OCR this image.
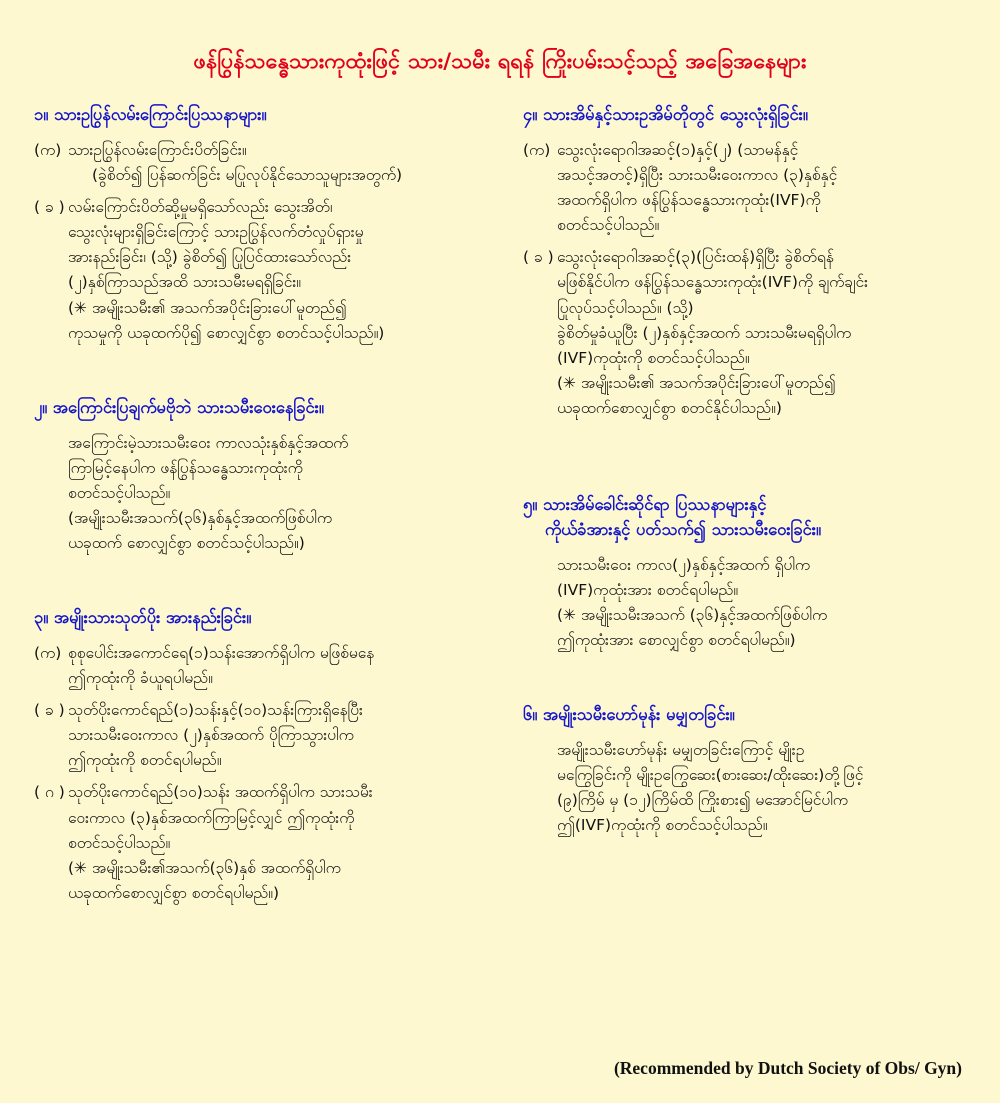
ဖန်ပြွန်သန္ဓေသားကုထုံးဖြင့် သား/သမီး ရရန် ကြိုးပမ်းသင့်သည့် အခြေအနေများ
၁။ သားဥပြွန်လမ်းကြောင်းပြဿနာများ။
(က) သားဥပြွန်လမ်းကြောင်းပိတ်ခြင်း။
(ခွဲစိတ်၍ ပြန်ဆက်ခြင်း မပြုလုပ်နိုင်သောသူများအတွက်)
( ခ ) လမ်းကြောင်းပိတ်ဆို့မှုမရှိသော်လည်း သွေးအိတ်၊
သွေးလုံးများရှိခြင်းကြောင့် သားဥပြွန်လက်တံလှုပ်ရှားမှု
အားနည်းခြင်း၊ (သို့) ခွဲစိတ်၍ ပြုပြင်ထားသော်လည်း
(၂)နှစ်ကြာသည်အထိ သားသမီးမရရှိခြင်း။
(✳ အမျိုးသမီး၏ အသက်အပိုင်းခြားပေါ်မူတည်၍
ကုသမှုကို ယခုထက်ပို၍ စောလျှင်စွာ စတင်သင့်ပါသည်။)
၂။ အကြောင်းပြချက်မဗိုဘဲ သားသမီးဝေးနေခြင်း။
အကြောင်းမဲ့သားသမီးဝေး ကာလသုံးနှစ်နှင့်အထက်
ကြာမြင့်နေပါက ဖန်ပြွန်သန္ဓေသားကုထုံးကို
စတင်သင့်ပါသည်။
(အမျိုးသမီးအသက်(၃၆)နှစ်နှင့်အထက်ဖြစ်ပါက
ယခုထက် စောလျှင်စွာ စတင်သင့်ပါသည်။)
၃။ အမျိုးသားသုတ်ပိုး အားနည်းခြင်း။
(က) စုစုပေါင်းအကောင်ရေ(၁)သန်းအောက်ရှိပါက မဖြစ်မနေ
ဤကုထုံးကို ခံယူရပါမည်။
( ခ ) သုတ်ပိုးကောင်ရည်(၁)သန်းနှင့်(၁၀)သန်းကြားရှိနေပြီး
သားသမီးဝေးကာလ (၂)နှစ်အထက် ပိုကြာသွားပါက
ဤကုထုံးကို စတင်ရပါမည်။
( ဂ ) သုတ်ပိုးကောင်ရည်(၁၀)သန်း အထက်ရှိပါက သားသမီး
ဝေးကာလ (၃)နှစ်အထက်ကြာမြင့်လျှင် ဤကုထုံးကို
စတင်သင့်ပါသည်။
(✳ အမျိုးသမီး၏အသက်(၃၆)နှစ် အထက်ရှိပါက
ယခုထက်စောလျှင်စွာ စတင်ရပါမည်။)
၄။ သားအိမ်နှင့်သားဥအိမ်တိုတွင် သွေးလုံးရှိခြင်း။
(က) သွေးလုံးရောဂါအဆင့်(၁)နှင့်(၂) (သာမန်နှင့်
အသင့်အတင့်)ရှိပြီး သားသမီးဝေးကာလ (၃)နှစ်နှင့်
အထက်ရှိပါက ဖန်ပြွန်သန္ဓေသားကုထုံး(IVF)ကို
စတင်သင့်ပါသည်။
( ခ ) သွေးလုံးရောဂါအဆင့်(၃)(ပြင်းထန်)ရှိပြီး ခွဲစိတ်ရန်
မဖြစ်နိုင်ပါက ဖန်ပြွန်သန္ဓေသားကုထုံး(IVF)ကို ချက်ချင်း
ပြုလုပ်သင့်ပါသည်။ (သို့)
ခွဲစိတ်မှုခံယူပြီး (၂)နှစ်နှင့်အထက် သားသမီးမရရှိပါက
(IVF)ကုထုံးကို စတင်သင့်ပါသည်။
(✳ အမျိုးသမီး၏ အသက်အပိုင်းခြားပေါ်မူတည်၍
ယခုထက်စောလျှင်စွာ စတင်နိုင်ပါသည်။)
၅။ သားအိမ်ခေါင်းဆိုင်ရာ ပြဿနာများနှင့်
ကိုယ်ခံအားနှင့် ပတ်သက်၍ သားသမီးဝေးခြင်း။
သားသမီးဝေး ကာလ(၂)နှစ်နှင့်အထက် ရှိပါက
(IVF)ကုထုံးအား စတင်ရပါမည်။
(✳ အမျိုးသမီးအသက် (၃၆)နှင့်အထက်ဖြစ်ပါက
ဤကုထုံးအား စောလျှင်စွာ စတင်ရပါမည်။)
၆။ အမျိုးသမီးဟော်မုန်း မမျှတခြင်း။
အမျိုးသမီးဟော်မုန်း မမျှတခြင်းကြောင့် မျိုးဥ
မကြွေခြင်းကို မျိုးဥကြွေဆေး(စားဆေး/ထိုးဆေး)တို့ဖြင့်
(၉)ကြိမ် မှ (၁၂)ကြိမ်ထိ ကြိုးစား၍ မအောင်မြင်ပါက
ဤ(IVF)ကုထုံးကို စတင်သင့်ပါသည်။
(Recommended by Dutch Society of Obs/ Gyn)
